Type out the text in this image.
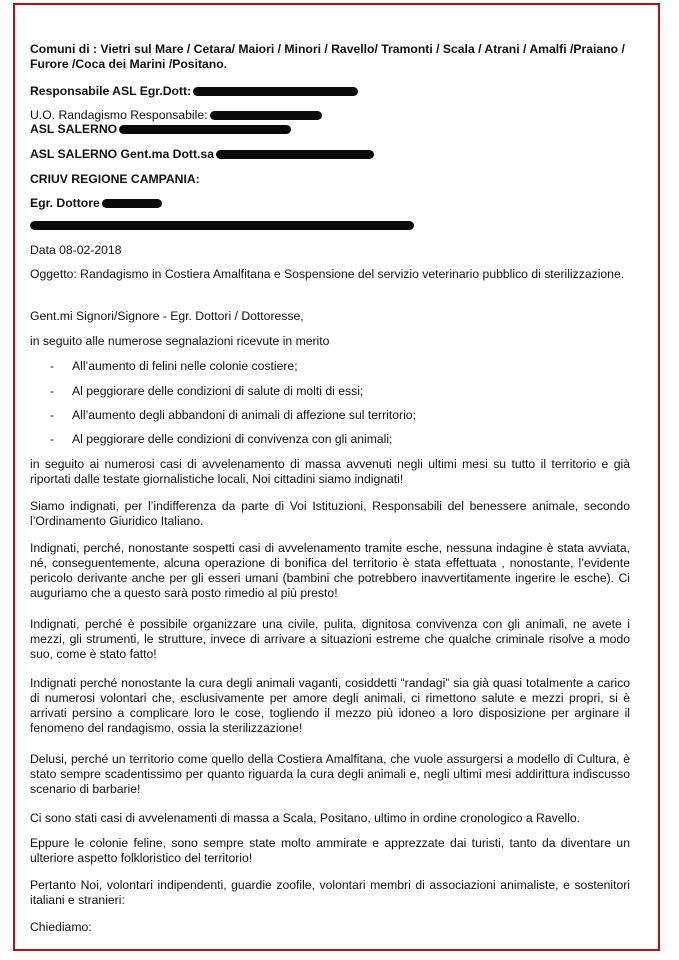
Comuni di : Vietri sul Mare / Cetara/ Maiori / Minori / Ravello/ Tramonti / Scala / Atrani / Amalfi /Praiano / Furore /Coca dei Marini /Positano.
Responsabile ASL Egr.Dott:
U.O. Randagismo Responsabile:
ASL SALERNO
ASL SALERNO Gent.ma Dott.sa
CRIUV REGIONE CAMPANIA:
Egr. Dottore
Data 08-02-2018
Oggetto: Randagismo in Costiera Amalfitana e Sospensione del servizio veterinario pubblico di sterilizzazione.
Gent.mi Signori/Signore - Egr. Dottori / Dottoresse,
in seguito alle numerose segnalazioni ricevute in merito
- All’aumento di felini nelle colonie costiere;
- Al peggiorare delle condizioni di salute di molti di essi;
- All’aumento degli abbandoni di animali di affezione sul territorio;
- Al peggiorare delle condizioni di convivenza con gli animali;
in seguito ai numerosi casi di avvelenamento di massa avvenuti negli ultimi mesi su tutto il territorio e già riportati dalle testate giornalistiche locali, Noi cittadini siamo indignati!
Siamo indignati, per l’indifferenza da parte di Voi Istituzioni, Responsabili del benessere animale, secondo l’Ordinamento Giuridico Italiano.
Indignati, perché, nonostante sospetti casi di avvelenamento tramite esche, nessuna indagine è stata avviata, né, conseguentemente, alcuna operazione di bonifica del territorio è stata effettuata , nonostante, l’evidente pericolo derivante anche per gli esseri umani (bambini che potrebbero inavvertitamente ingerire le esche). Ci auguriamo che a questo sarà posto rimedio al più presto!
Indignati, perché è possibile organizzare una civile, pulita, dignitosa convivenza con gli animali, ne avete i mezzi, gli strumenti, le strutture, invece di arrivare a situazioni estreme che qualche criminale risolve a modo suo, come è stato fatto!
Indignati perché nonostante la cura degli animali vaganti, cosiddetti “randagi” sia già quasi totalmente a carico di numerosi volontari che, esclusivamente per amore degli animali, ci rimettono salute e mezzi propri, si è arrivati persino a complicare loro le cose, togliendo il mezzo più idoneo a loro disposizione per arginare il fenomeno del randagismo, ossia la sterilizzazione!
Delusi, perché un territorio come quello della Costiera Amalfitana, che vuole assurgersi a modello di Cultura, è stato sempre scadentissimo per quanto riguarda la cura degli animali e, negli ultimi mesi addirittura indiscusso scenario di barbarie!
Ci sono stati casi di avvelenamenti di massa a Scala, Positano, ultimo in ordine cronologico a Ravello.
Eppure le colonie feline, sono sempre state molto ammirate e apprezzate dai turisti, tanto da diventare un ulteriore aspetto folkloristico del territorio!
Pertanto Noi, volontari indipendenti, guardie zoofile, volontari membri di associazioni animaliste, e sostenitori italiani e stranieri:
Chiediamo:
